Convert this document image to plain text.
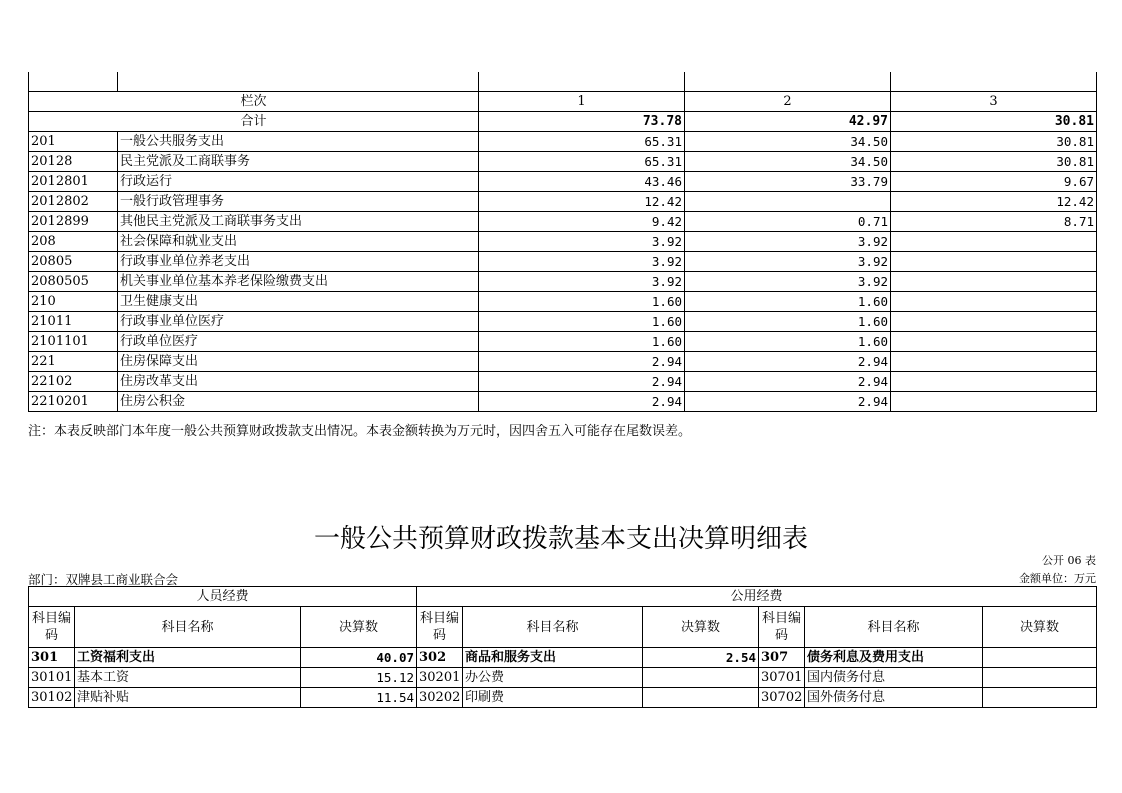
栏次		1	2	3
合计		73.78	42.97	30.81
201	一般公共服务支出	65.31	34.50	30.81
20128	民主党派及工商联事务	65.31	34.50	30.81
2012801	行政运行	43.46	33.79	9.67
2012802	一般行政管理事务	12.42		12.42
2012899	其他民主党派及工商联事务支出	9.42	0.71	8.71
208	社会保障和就业支出	3.92	3.92	
20805	行政事业单位养老支出	3.92	3.92	
2080505	机关事业单位基本养老保险缴费支出	3.92	3.92	
210	卫生健康支出	1.60	1.60	
21011	行政事业单位医疗	1.60	1.60	
2101101	行政单位医疗	1.60	1.60	
221	住房保障支出	2.94	2.94	
22102	住房改革支出	2.94	2.94	
2210201	住房公积金	2.94	2.94	
注：本表反映部门本年度一般公共预算财政拨款支出情况。本表金额转换为万元时，因四舍五入可能存在尾数误差。
一般公共预算财政拨款基本支出决算明细表
公开 06 表
部门：双牌县工商业联合会	金额单位：万元
人员经费			公用经费					
科目编码	科目名称	决算数	科目编码	科目名称	决算数	科目编码	科目名称	决算数
301	工资福利支出	40.07	302	商品和服务支出	2.54	307	债务利息及费用支出	
30101	基本工资	15.12	30201	办公费		30701	国内债务付息	
30102	津贴补贴	11.54	30202	印刷费		30702	国外债务付息	
